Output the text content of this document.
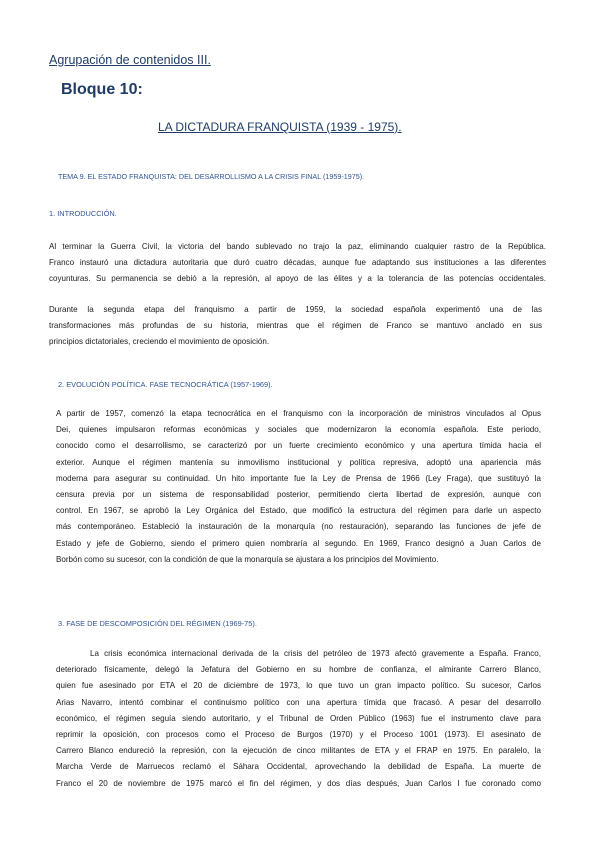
Agrupación de contenidos III.
Bloque 10:
LA DICTADURA FRANQUISTA (1939 - 1975).
TEMA 9. EL ESTADO FRANQUISTA: DEL DESARROLLISMO A LA CRISIS FINAL (1959-1975).
1. INTRODUCCIÓN.
Al terminar la Guerra Civil, la victoria del bando sublevado no trajo la paz, eliminando cualquier rastro de la República.
Franco instauró una dictadura autoritaria que duró cuatro décadas, aunque fue adaptando sus instituciones a las diferentes
coyunturas. Su permanencia se debió a la represión, al apoyo de las élites y a la tolerancia de las potencias occidentales.
Durante la segunda etapa del franquismo a partir de 1959, la sociedad española experimentó una de las
transformaciones más profundas de su historia, mientras que el régimen de Franco se mantuvo anclado en sus
principios dictatoriales, creciendo el movimiento de oposición.
2. EVOLUCIÓN POLÍTICA. FASE TECNOCRÁTICA (1957-1969).
A partir de 1957, comenzó la etapa tecnocrática en el franquismo con la incorporación de ministros vinculados al Opus
Dei, quienes impulsaron reformas económicas y sociales que modernizaron la economía española. Este periodo,
conocido como el desarrollismo, se caracterizó por un fuerte crecimiento económico y una apertura tímida hacia el
exterior. Aunque el régimen mantenía su inmovilismo institucional y política represiva, adoptó una apariencia más
moderna para asegurar su continuidad. Un hito importante fue la Ley de Prensa de 1966 (Ley Fraga), que sustituyó la
censura previa por un sistema de responsabilidad posterior, permitiendo cierta libertad de expresión, aunque con
control. En 1967, se aprobó la Ley Orgánica del Estado, que modificó la estructura del régimen para darle un aspecto
más contemporáneo. Estableció la instauración de la monarquía (no restauración), separando las funciones de jefe de
Estado y jefe de Gobierno, siendo el primero quien nombraría al segundo. En 1969, Franco designó a Juan Carlos de
Borbón como su sucesor, con la condición de que la monarquía se ajustara a los principios del Movimiento.
3. FASE DE DESCOMPOSICIÓN DEL RÉGIMEN (1969-75).
La crisis económica internacional derivada de la crisis del petróleo de 1973 afectó gravemente a España. Franco,
deteriorado físicamente, delegó la Jefatura del Gobierno en su hombre de confianza, el almirante Carrero Blanco,
quien fue asesinado por ETA el 20 de diciembre de 1973, lo que tuvo un gran impacto político. Su sucesor, Carlos
Arias Navarro, intentó combinar el continuismo político con una apertura tímida que fracasó. A pesar del desarrollo
económico, el régimen seguía siendo autoritario, y el Tribunal de Orden Público (1963) fue el instrumento clave para
reprimir la oposición, con procesos como el Proceso de Burgos (1970) y el Proceso 1001 (1973). El asesinato de
Carrero Blanco endureció la represión, con la ejecución de cinco militantes de ETA y el FRAP en 1975. En paralelo, la
Marcha Verde de Marruecos reclamó el Sáhara Occidental, aprovechando la debilidad de España. La muerte de
Franco el 20 de noviembre de 1975 marcó el fin del régimen, y dos días después, Juan Carlos I fue coronado como
